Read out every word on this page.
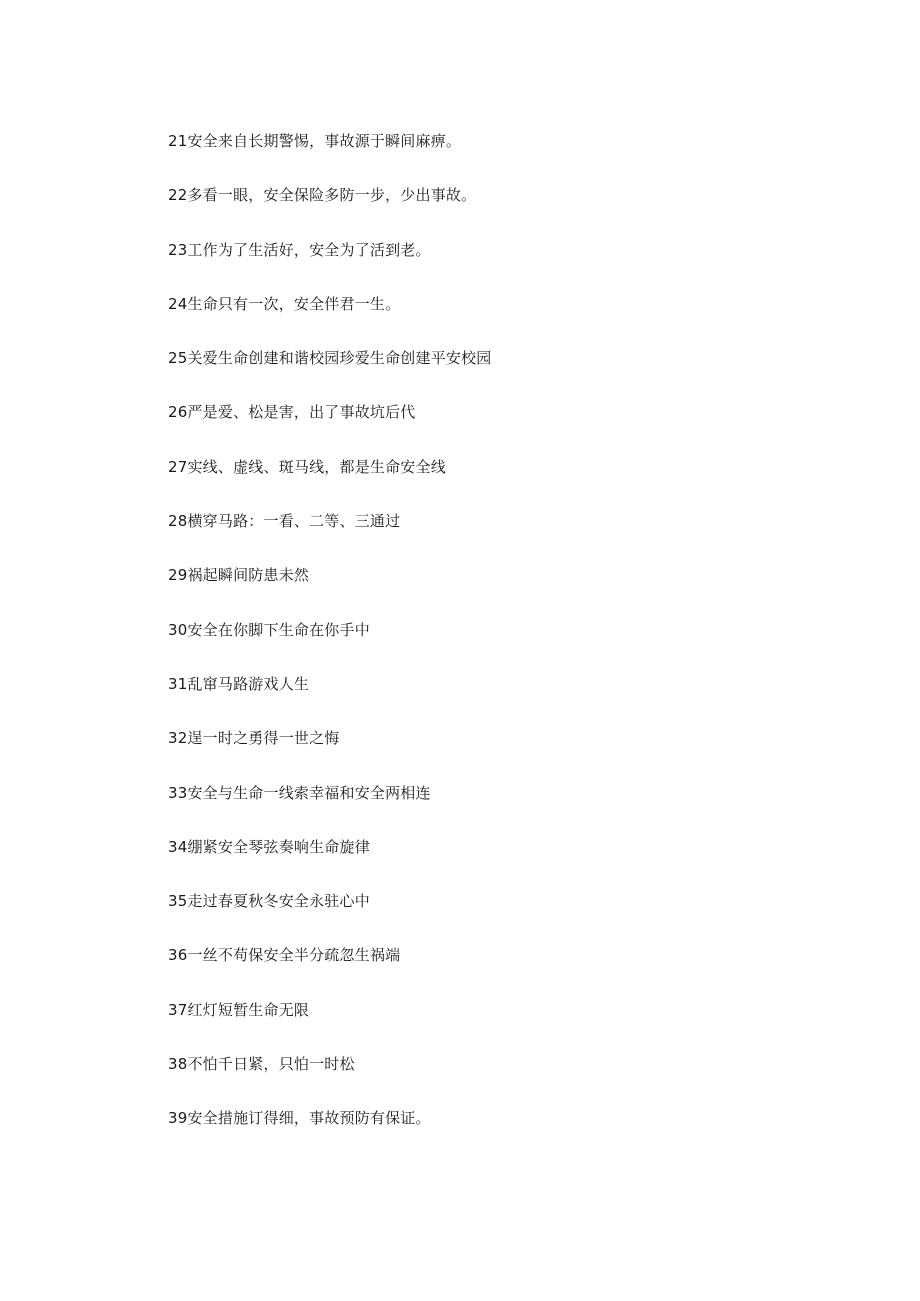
21安全来自长期警惕，事故源于瞬间麻痹。
22多看一眼，安全保险多防一步，少出事故。
23工作为了生活好，安全为了活到老。
24生命只有一次，安全伴君一生。
25关爱生命创建和谐校园珍爱生命创建平安校园
26严是爱、松是害，出了事故坑后代
27实线、虚线、斑马线，都是生命安全线
28横穿马路：一看、二等、三通过
29祸起瞬间防患未然
30安全在你脚下生命在你手中
31乱窜马路游戏人生
32逞一时之勇得一世之悔
33安全与生命一线索幸福和安全两相连
34绷紧安全琴弦奏响生命旋律
35走过春夏秋冬安全永驻心中
36一丝不苟保安全半分疏忽生祸端
37红灯短暂生命无限
38不怕千日紧，只怕一时松
39安全措施订得细，事故预防有保证。
